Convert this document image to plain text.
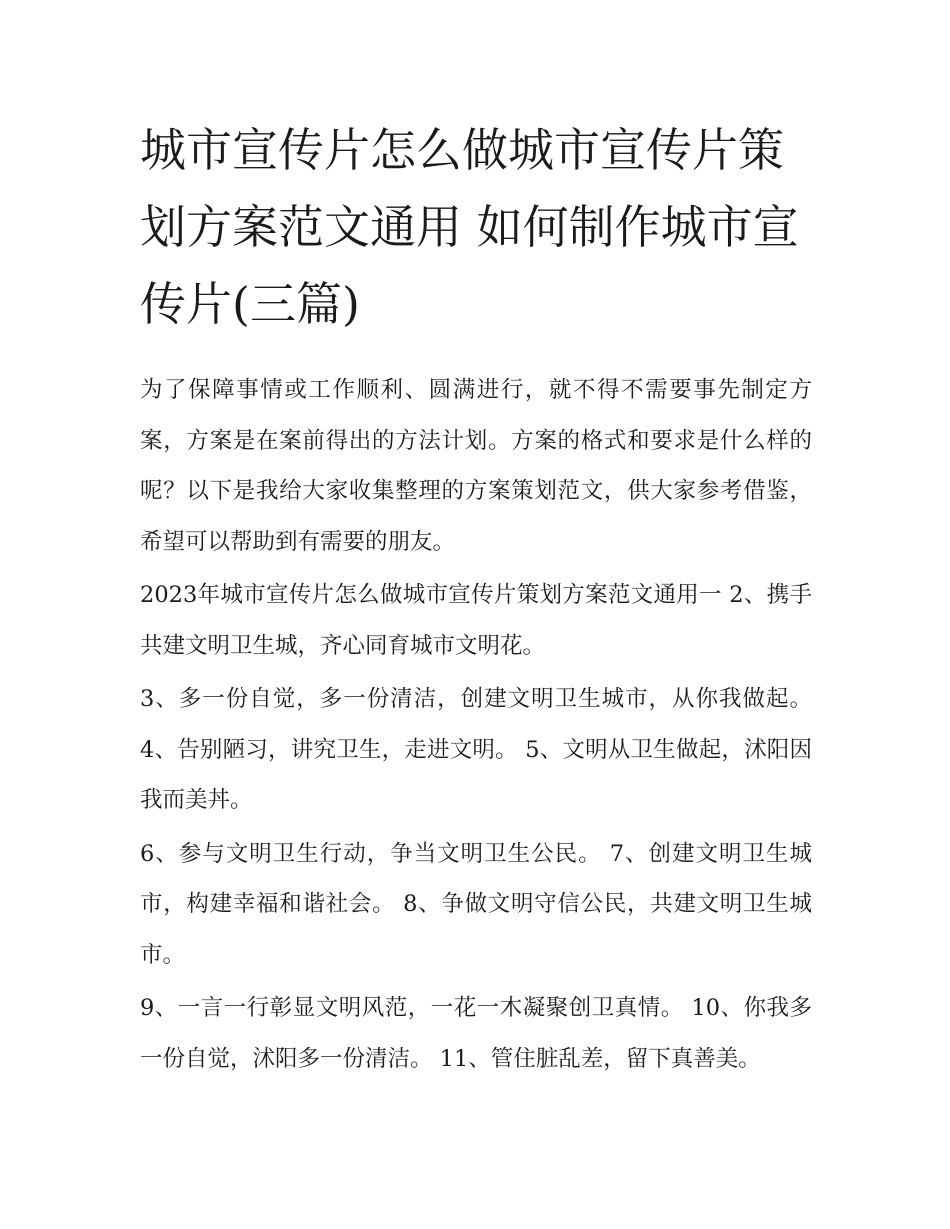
城市宣传片怎么做城市宣传片策划方案范文通用 如何制作城市宣传片(三篇)

为了保障事情或工作顺利、圆满进行，就不得不需要事先制定方案，方案是在案前得出的方法计划。方案的格式和要求是什么样的呢？以下是我给大家收集整理的方案策划范文，供大家参考借鉴，希望可以帮助到有需要的朋友。

2023年城市宣传片怎么做城市宣传片策划方案范文通用一 2、携手共建文明卫生城，齐心同育城市文明花。

3、多一份自觉，多一份清洁，创建文明卫生城市，从你我做起。 4、告别陋习，讲究卫生，走进文明。 5、文明从卫生做起，沭阳因我而美丼。

6、参与文明卫生行动，争当文明卫生公民。 7、创建文明卫生城市，构建幸福和谐社会。 8、争做文明守信公民，共建文明卫生城市。

9、一言一行彰显文明风范，一花一木凝聚创卫真情。 10、你我多一份自觉，沭阳多一份清洁。 11、管住脏乱差，留下真善美。
